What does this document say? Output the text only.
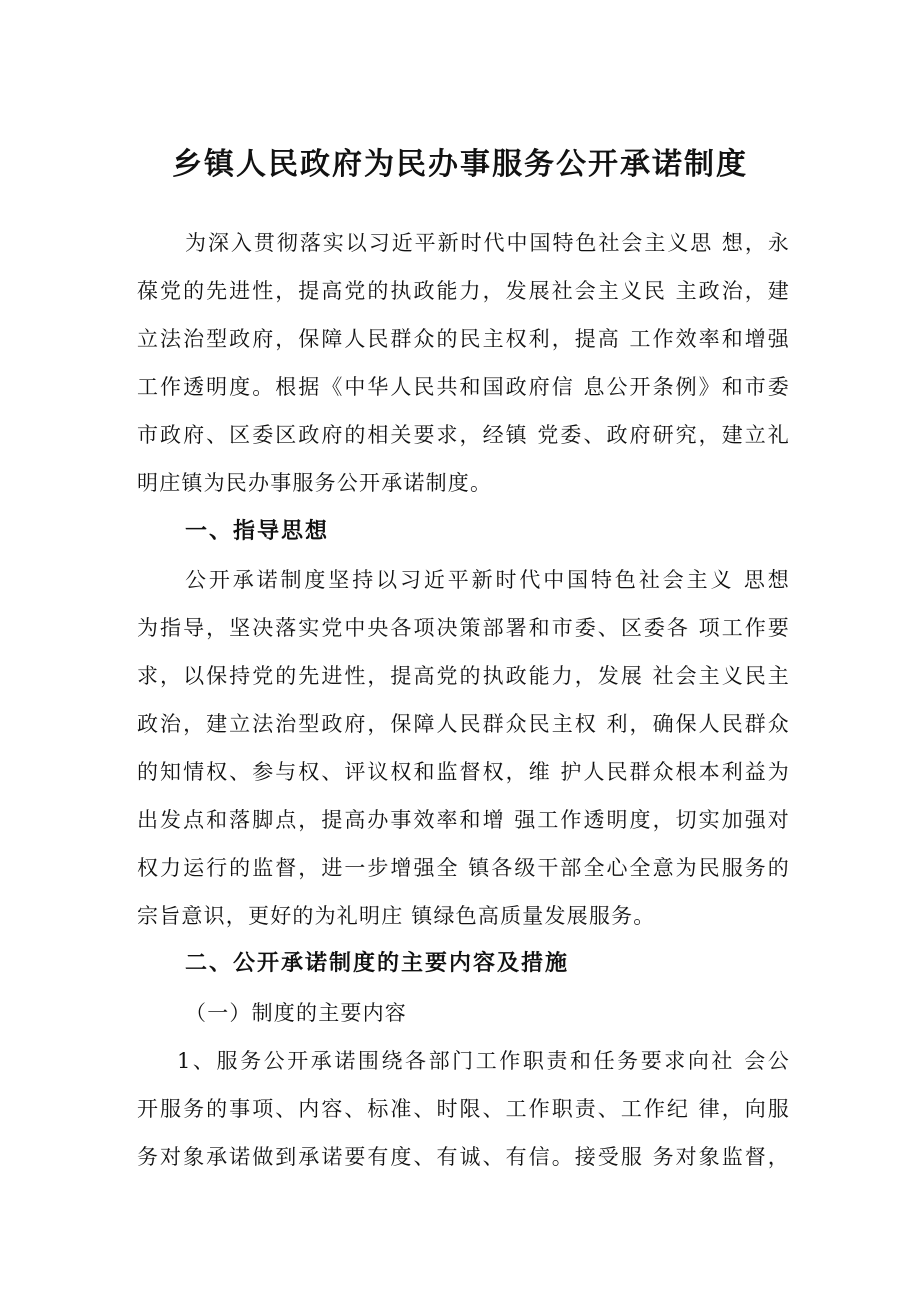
乡镇人民政府为民办事服务公开承诺制度
为深入贯彻落实以习近平新时代中国特色社会主义思 想，永
葆党的先进性，提高党的执政能力，发展社会主义民 主政治，建
立法治型政府，保障人民群众的民主权利，提高 工作效率和增强
工作透明度。根据《中华人民共和国政府信 息公开条例》和市委
市政府、区委区政府的相关要求，经镇 党委、政府研究，建立礼
明庄镇为民办事服务公开承诺制度。
一、指导思想
公开承诺制度坚持以习近平新时代中国特色社会主义 思想
为指导，坚决落实党中央各项决策部署和市委、区委各 项工作要
求，以保持党的先进性，提高党的执政能力，发展 社会主义民主
政治，建立法治型政府，保障人民群众民主权 利，确保人民群众
的知情权、参与权、评议权和监督权，维 护人民群众根本利益为
出发点和落脚点，提高办事效率和增 强工作透明度，切实加强对
权力运行的监督，进一步增强全 镇各级干部全心全意为民服务的
宗旨意识，更好的为礼明庄 镇绿色高质量发展服务。
二、公开承诺制度的主要内容及措施
（一）制度的主要内容
1、服务公开承诺围绕各部门工作职责和任务要求向社 会公
开服务的事项、内容、标准、时限、工作职责、工作纪 律，向服
务对象承诺做到承诺要有度、有诚、有信。接受服 务对象监督，
